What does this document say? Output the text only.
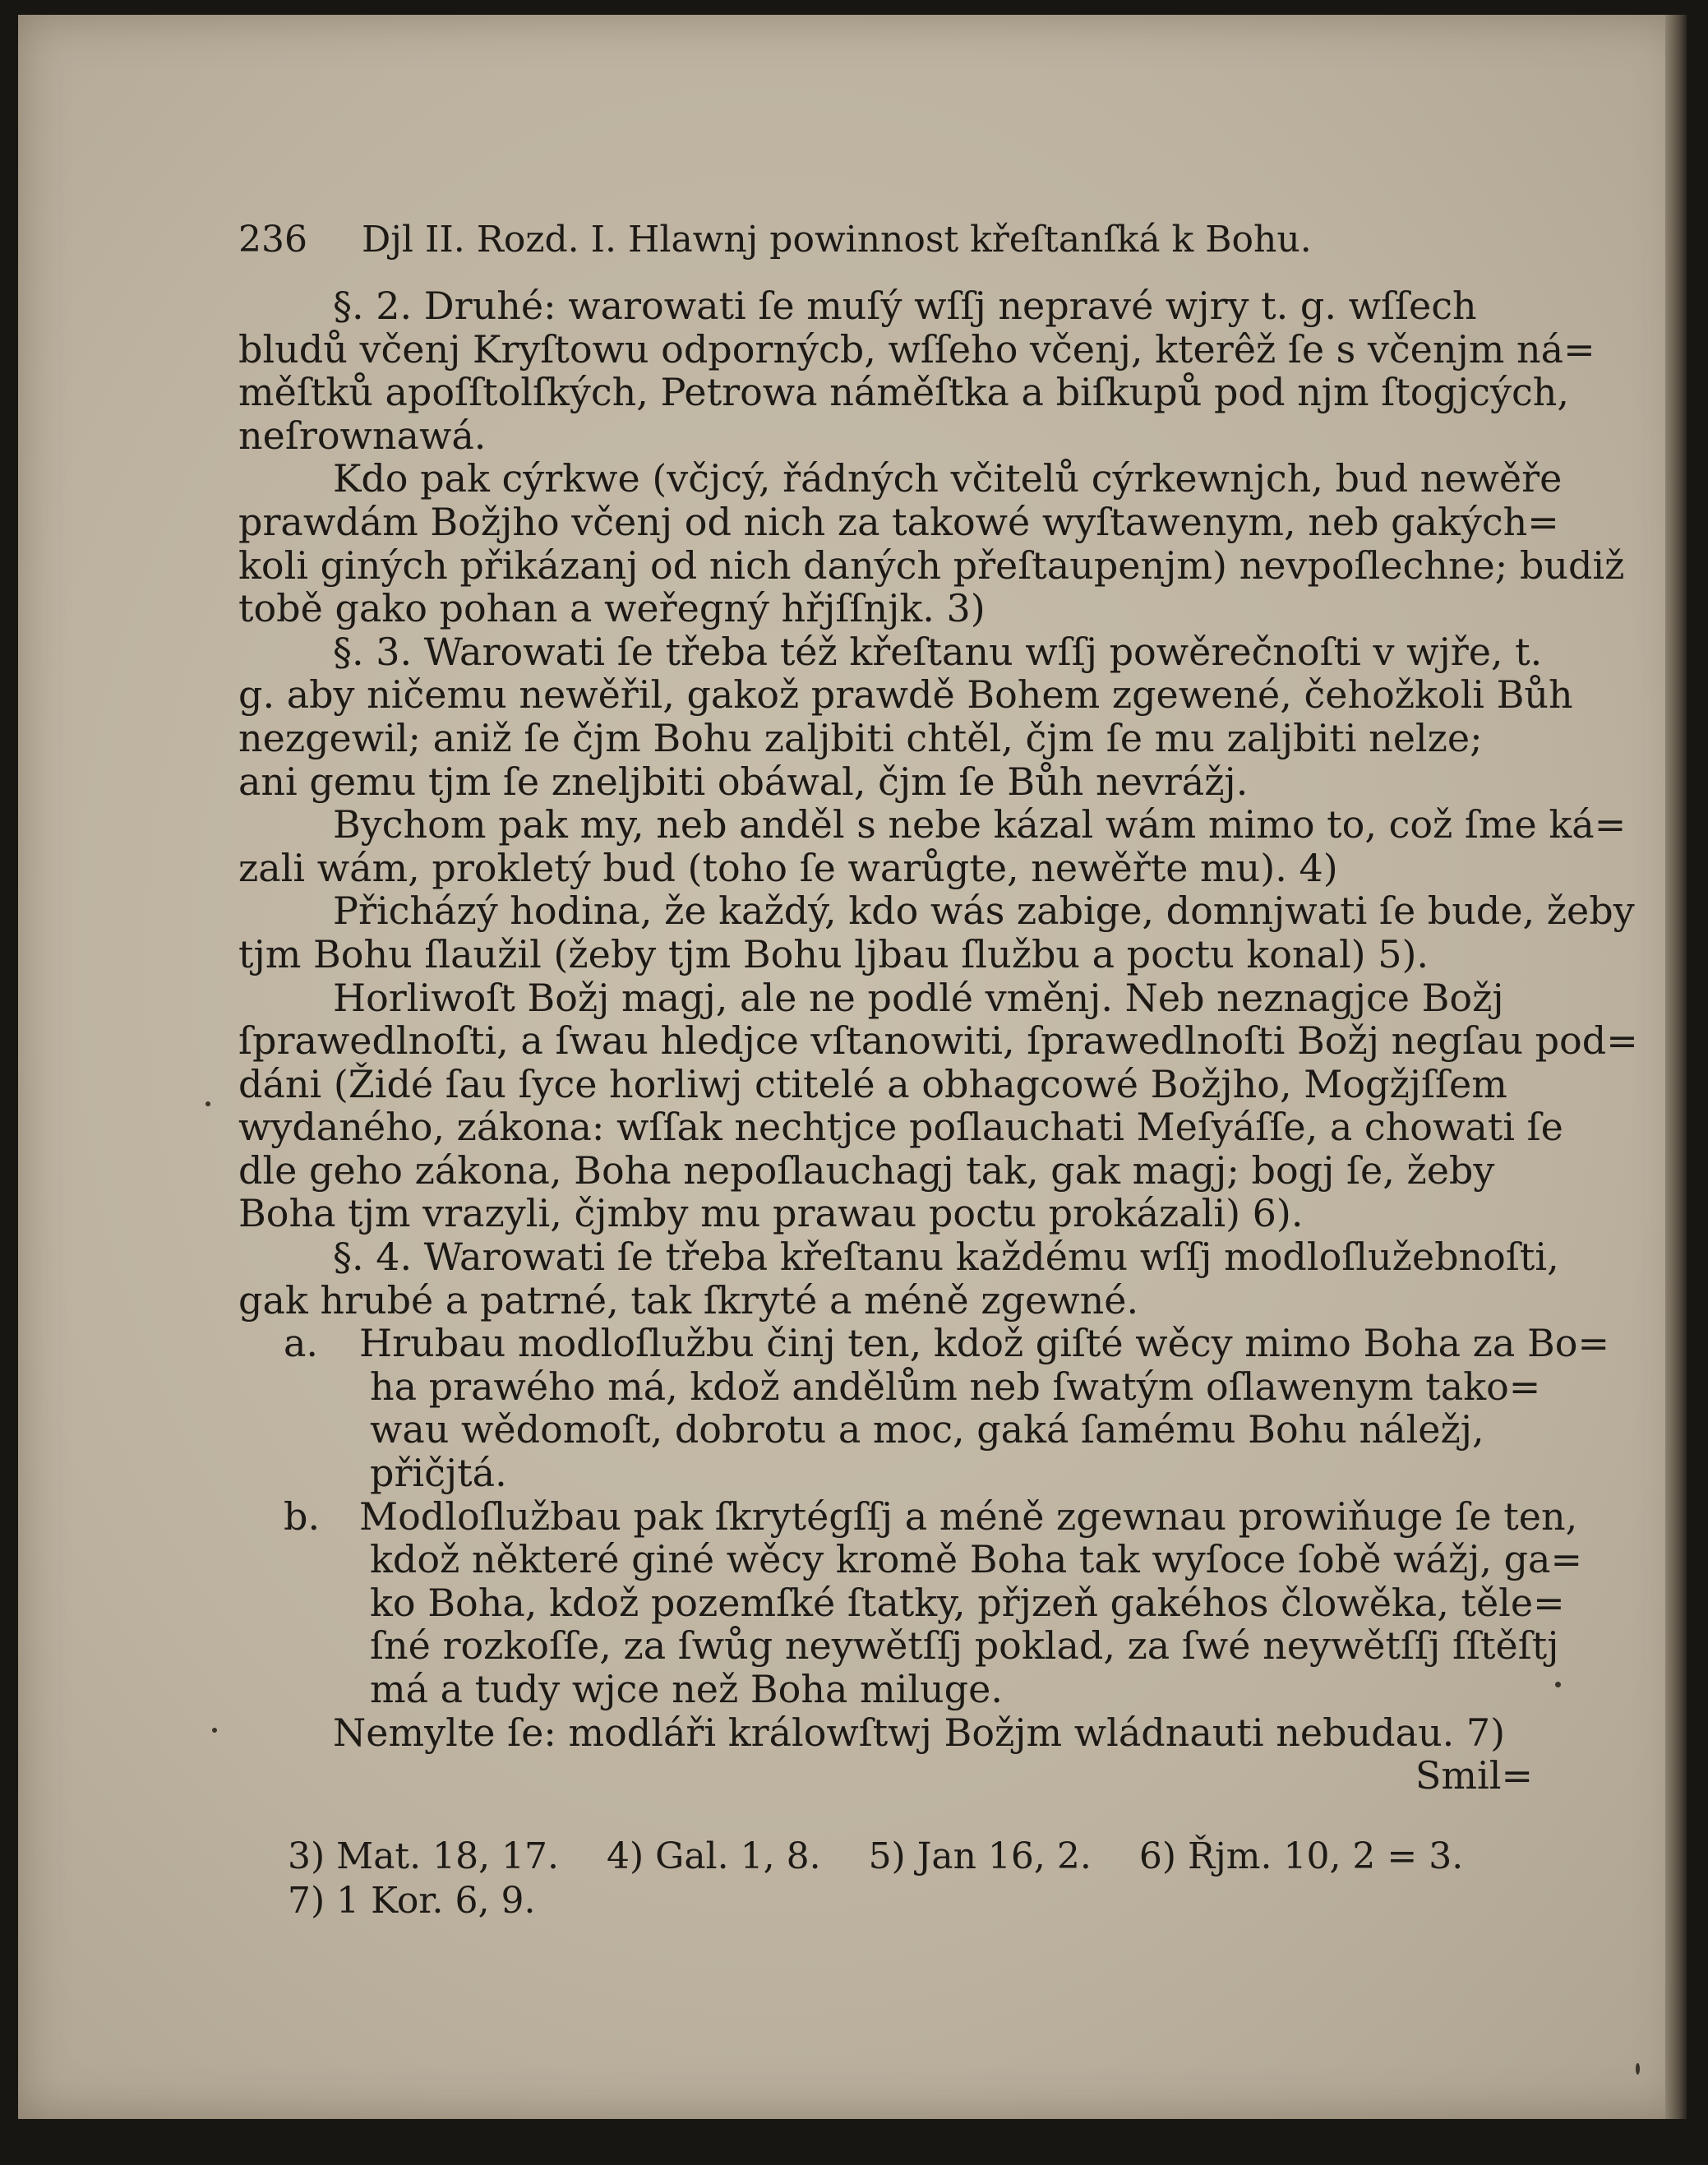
236 Djl II. Rozd. I. Hlawnj powinnost křeſtanſká k Bohu.
§. 2. Druhé: warowati ſe muſý wſſj nepravé wjry t. g. wſſech
bludů včenj Kryſtowu odpornýcb, wſſeho včenj, kterêž ſe s včenjm ná=
měſtků apoſſtolſkých, Petrowa náměſtka a biſkupů pod njm ſtogjcých,
neſrownawá.
Kdo pak cýrkwe (včjcý, řádných včitelů cýrkewnjch, bud newěře
prawdám Božjho včenj od nich za takowé wyſtawenym, neb gakých=
koli giných přikázanj od nich daných přeſtaupenjm) nevpoſlechne; budiž
tobě gako pohan a weřegný hřjſſnjk. 3)
§. 3. Warowati ſe třeba též křeſtanu wſſj powěrečnoſti v wjře, t.
g. aby ničemu newěřil, gakož prawdě Bohem zgewené, čehožkoli Bůh
nezgewil; aniž ſe čjm Bohu zaljbiti chtěl, čjm ſe mu zaljbiti nelze;
ani gemu tjm ſe zneljbiti obáwal, čjm ſe Bůh nevrážj.
Bychom pak my, neb anděl s nebe kázal wám mimo to, což ſme ká=
zali wám, prokletý bud (toho ſe warůgte, newěřte mu). 4)
Přicházý hodina, že každý, kdo wás zabige, domnjwati ſe bude, žeby
tjm Bohu ſlaužil (žeby tjm Bohu ljbau ſlužbu a poctu konal) 5).
Horliwoſt Božj magj, ale ne podlé vměnj. Neb neznagjce Božj
ſprawedlnoſti, a ſwau hledjce vſtanowiti, ſprawedlnoſti Božj negſau pod=
dáni (Židé ſau ſyce horliwj ctitelé a obhagcowé Božjho, Mogžjſſem
wydaného, zákona: wſſak nechtjce poſlauchati Meſyáſſe, a chowati ſe
dle geho zákona, Boha nepoſlauchagj tak, gak magj; bogj ſe, žeby
Boha tjm vrazyli, čjmby mu prawau poctu prokázali) 6).
§. 4. Warowati ſe třeba křeſtanu každému wſſj modloſlužebnoſti,
gak hrubé a patrné, tak ſkryté a méně zgewné.
a. Hrubau modloſlužbu činj ten, kdož giſté wěcy mimo Boha za Bo=
ha prawého má, kdož andělům neb ſwatým oſlawenym tako=
wau wědomoſt, dobrotu a moc, gaká ſamému Bohu náležj,
přičjtá.
b. Modloſlužbau pak ſkrytégſſj a méně zgewnau prowiňuge ſe ten,
kdož některé giné wěcy kromě Boha tak wyſoce ſobě wážj, ga=
ko Boha, kdož pozemſké ſtatky, přjzeň gakéhos člowěka, těle=
ſné rozkoſſe, za ſwůg neywětſſj poklad, za ſwé neywětſſj ſſtěſtj
má a tudy wjce než Boha miluge.
Nemylte ſe: modláři králowſtwj Božjm wládnauti nebudau. 7)
Smil=
3) Mat. 18, 17. 4) Gal. 1, 8. 5) Jan 16, 2. 6) Řjm. 10, 2 = 3.
7) 1 Kor. 6, 9.
